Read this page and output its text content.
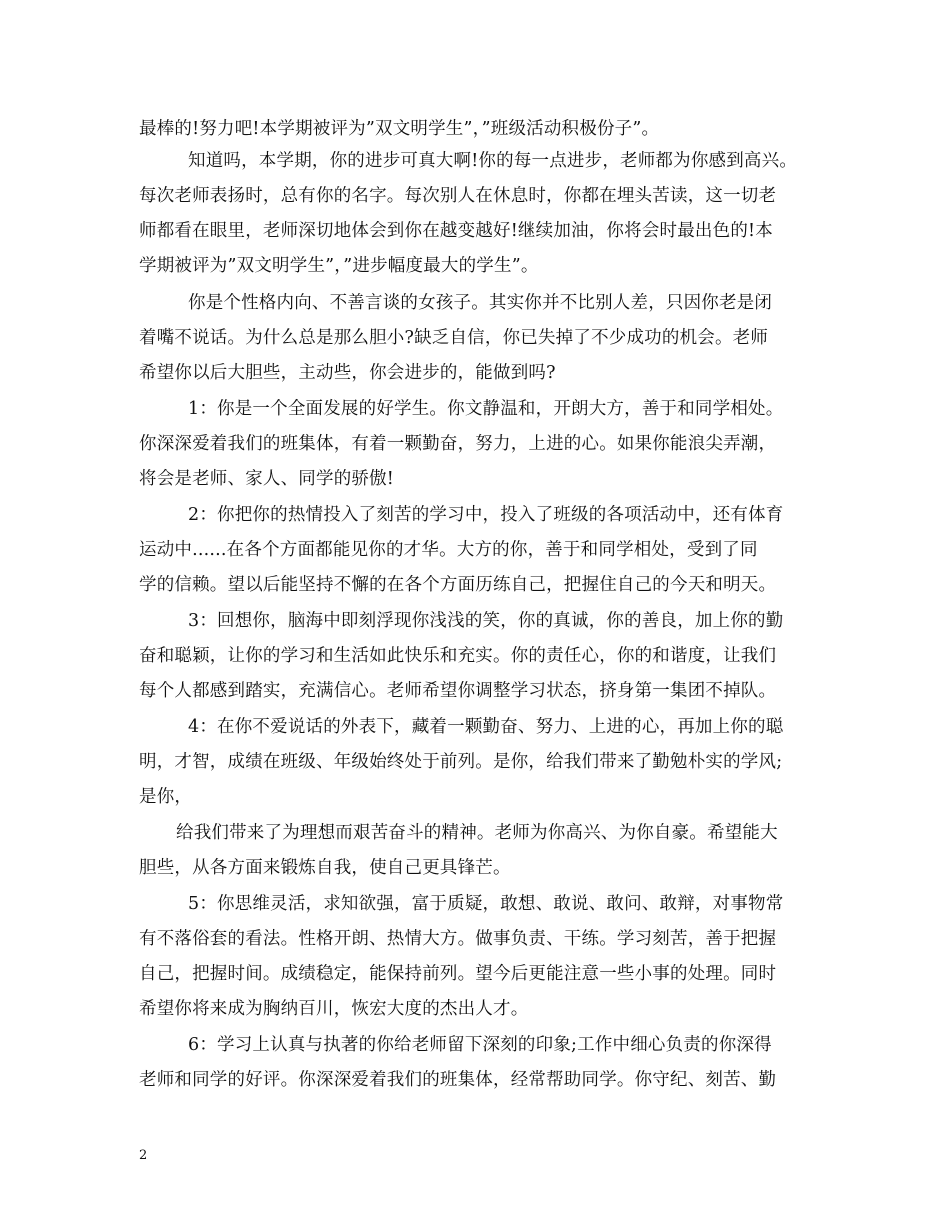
最棒的!努力吧!本学期被评为”双文明学生”，”班级活动积极份子”。

知道吗，本学期，你的进步可真大啊!你的每一点进步，老师都为你感到高兴。

每次老师表扬时，总有你的名字。每次别人在休息时，你都在埋头苦读，这一切老

师都看在眼里，老师深切地体会到你在越变越好!继续加油，你将会时最出色的!本

学期被评为”双文明学生”，”进步幅度最大的学生”。

你是个性格内向、不善言谈的女孩子。其实你并不比别人差，只因你老是闭

着嘴不说话。为什么总是那么胆小?缺乏自信，你已失掉了不少成功的机会。老师

希望你以后大胆些，主动些，你会进步的，能做到吗?

1：你是一个全面发展的好学生。你文静温和，开朗大方，善于和同学相处。

你深深爱着我们的班集体，有着一颗勤奋，努力，上进的心。如果你能浪尖弄潮，

将会是老师、家人、同学的骄傲!

2：你把你的热情投入了刻苦的学习中，投入了班级的各项活动中，还有体育

运动中......在各个方面都能见你的才华。大方的你，善于和同学相处，受到了同

学的信赖。望以后能坚持不懈的在各个方面历练自己，把握住自己的今天和明天。

3：回想你，脑海中即刻浮现你浅浅的笑，你的真诚，你的善良，加上你的勤

奋和聪颖，让你的学习和生活如此快乐和充实。你的责任心，你的和谐度，让我们

每个人都感到踏实，充满信心。老师希望你调整学习状态，挤身第一集团不掉队。

4：在你不爱说话的外表下，藏着一颗勤奋、努力、上进的心，再加上你的聪

明，才智，成绩在班级、年级始终处于前列。是你，给我们带来了勤勉朴实的学风;

是你，

给我们带来了为理想而艰苦奋斗的精神。老师为你高兴、为你自豪。希望能大

胆些，从各方面来锻炼自我，使自己更具锋芒。

5：你思维灵活，求知欲强，富于质疑，敢想、敢说、敢问、敢辩，对事物常

有不落俗套的看法。性格开朗、热情大方。做事负责、干练。学习刻苦，善于把握

自己，把握时间。成绩稳定，能保持前列。望今后更能注意一些小事的处理。同时

希望你将来成为胸纳百川，恢宏大度的杰出人才。

6：学习上认真与执著的你给老师留下深刻的印象;工作中细心负责的你深得

老师和同学的好评。你深深爱着我们的班集体，经常帮助同学。你守纪、刻苦、勤

2
